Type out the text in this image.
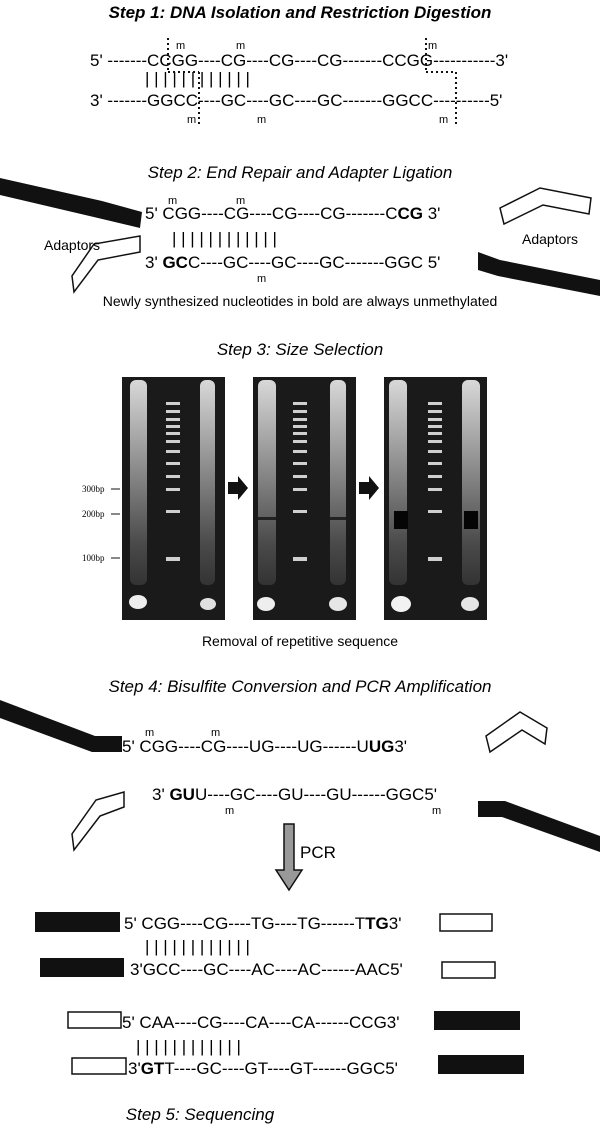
Step 1: DNA Isolation and Restriction Digestion
5' -------CCGG----CG----CG----CG-------CCGG-----------3'
| | | | | | | | | | | |
3' -------GGCC----GC----GC----GC-------GGCC----------5'
m	m	m
m	m	m
Step 2: End Repair and Adapter Ligation
5' CGG----CG----CG----CG-------CCG 3'
| | | | | | | | | | | |
3' GCC----GC----GC----GC-------GGC 5'
m	m
m
Adaptors	Adaptors
Newly synthesized nucleotides in bold are always unmethylated
Step 3: Size Selection
300bp
200bp
100bp
Removal of repetitive sequence
Step 4: Bisulfite Conversion and PCR Amplification
5' CGG----CG----UG----UG------UUG3'
3' GUU----GC----GU----GU------GGC5'
m	m
m	m
PCR
5' CGG----CG----TG----TG------TTG3'
| | | | | | | | | | | |
3'GCC----GC----AC----AC------AAC5'
5' CAA----CG----CA----CA------CCG3'
| | | | | | | | | | | |
3'GTT----GC----GT----GT------GGC5'
Step 5: Sequencing
